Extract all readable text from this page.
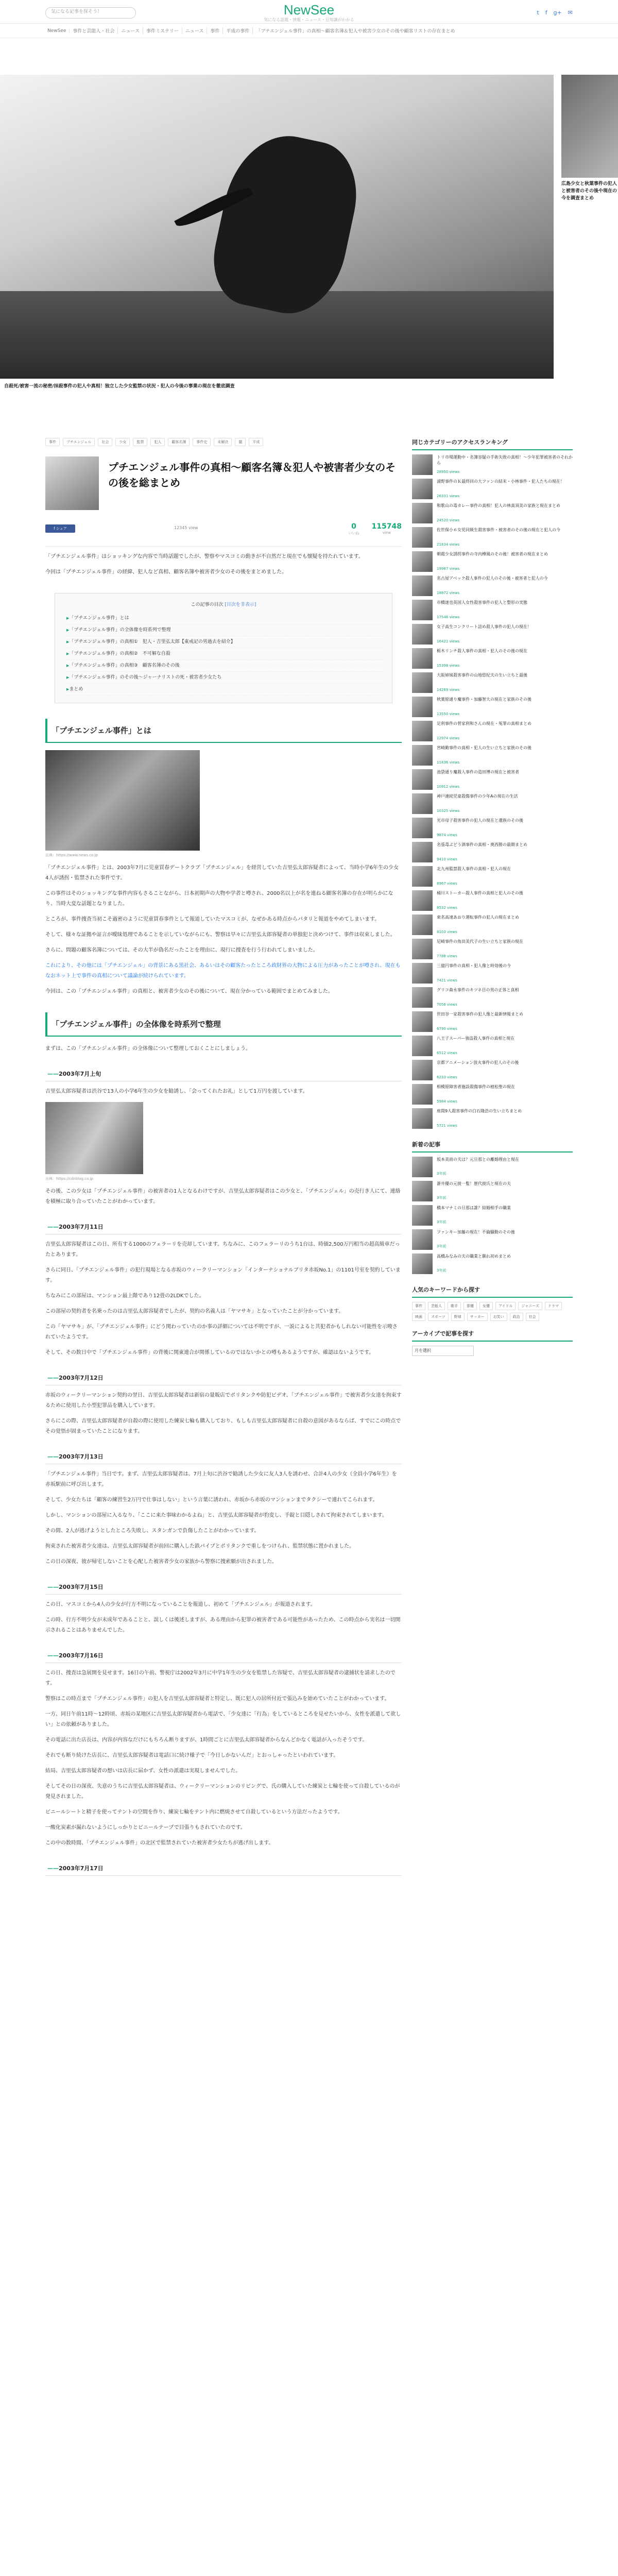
気になる記事を探そう！	NewSee
気になる話題・情報・ニュース・豆知識がわかる
t f g+ ✉
NewSee	事件と芸能人・社会	ニュース	事件ミステリー	ニュース	事件	平成の事件	「ブチエンジェル事件」の真相〜顧客名簿＆犯人や被害少女のその後や顧客リストの存在まとめ
広島少女と秋葉事件の犯人と被害者のその後や現在の今を調査まとめ
自殺死/被害一流の秘密/抹殺事件の犯人や真相！独立した少女監禁の状況・犯人の今後の事業の現在を徹底調査
事件	ブチエンジェル	社会	少女	監禁	犯人	顧客名簿	事件史	未解決	闇	平成
プチエンジェル事件の真相〜顧客名簿＆犯人や被害者少女のその後を総まとめ
f シェア	12345 view	0
いいね
115748
view

「プチエンジェル事件」はショッキングな内容で当時話題でしたが、警察やマスコミの動きが不自然だと現在でも懐疑を持たれています。

今回は「プチエンジェル事件」の経緯、犯人など真相、顧客名簿や被害者少女のその後をまとめました。

この記事の目次 [目次を非表示]
▶ 「プチエンジェル事件」とは
▶ 「プチエンジェル事件」の全体像を時系列で整理
▶ 「プチエンジェル事件」の真相①　犯人・吉里弘太郎【東戒記の男過去を紹介】
▶ 「プチエンジェル事件」の真相②　不可解な自殺
▶ 「プチエンジェル事件」の真相③　顧客名簿のその後
▶ 「プチエンジェル事件」のその後〜ジャーナリストの死・被害者少女たち
▶ まとめ
「プチエンジェル事件」とは
出典：https://www.news.co.jp

「プチエンジェル事件」とは、2003年7月に児童買春デートクラブ「プチエンジェル」を経営していた吉里弘太郎容疑者によって、当時小学6年生の少女4人が誘拐・監禁された事件です。

この事件はそのショッキングな事件内容もさることながら、日本初期声の大物や学者と噂され、2000名以上が名を連ねる顧客名簿の存在が明らかになり、当時大変な話題となりました。

ところが、事件捜査当初こそ過密のように児童買春事件として報道していたマスコミが、なぜかある時点からパタリと報道をやめてしまいます。

そして、様々な証拠や証言が曖昧処理であることを示していながらにも、警察は早々に吉里弘太郎容疑者の単独犯と決めつけて、事件は収束しました。

さらに、問題の顧客名簿については、その大半が偽名だったことを理由に、現行に捜査を行う行われてしまいました。

これにより、その他には「プチエンジェル」の背景にある黒社会、あるいはその顧客たったところ政財界の大物による圧力があったことが噂され、現在もなおネット上で事件の真相について議論が続けられています。

今回は、この「プチエンジェル事件」の真相と、被害者少女のその後について、現在分かっている範囲でまとめてみました。

「プチエンジェル事件」の全体像を時系列で整理

まずは、この「プチエンジェル事件」の全体像について整理しておくことにしましょう。

—— 2003年7月上旬

吉里弘太郎容疑者は渋谷で13人の小学6年生の少女を勧誘し、「会ってくれたお礼」として1万円を渡しています。

出典：https://cdnblog.co.jp

その後、この少女は「プチエンジェル事件」の被害者の1人となるわけですが、吉里弘太郎容疑者はこの少女と、「プチエンジェル」の売行き人にて、連絡を積極に取り合っていたことがわかっています。

—— 2003年7月11日

吉里弘太郎容疑者はこの日、所有する1000のフェラーリを売却しています。ちなみに、このフェラーリのうち1台は、時価2,500万円相当の超高級車だったとあります。

さらに同日、「プチエンジェル事件」の犯行現場となる赤坂のウィークリーマンション「インターナショナルブリタ赤坂No.1」の1101号室を契約しています。

ちなみにこの部屋は、マンション最上階であり12畳の2LDKでした。

この部屋の契約者を名乗ったのは吉里弘太郎容疑者でしたが、契約の名義人は「ヤマサキ」となっていたことが分かっています。

この「ヤマサキ」が、「プチエンジェル事件」にどう関わっていたのか事の詳細については不明ですが、一説によると共犯者かもしれない可能性を示唆されていたようです。

そして、その数日中で「プチエンジェル事件」の背後に関東連合が関係しているのではないかとの噂もあるようですが、確認はないようです。

—— 2003年7月12日

赤坂のウィークリーマンション契約の翌日、吉里弘太郎容疑者は新宿の量販店でポリタンクや防犯ビデオ、「プチエンジェル事件」で被害者少女達を拘束するために使用した小型犯罪品を購入しています。

さらにこの際、吉里弘太郎容疑者が自殺の際に使用した練炭七輪も購入しており、もしも吉里弘太郎容疑者に自殺の意図があるならば、すでにこの時点でその覚悟が固まっていたことになります。

—— 2003年7月13日

「プチエンジェル事件」当日です。まず、吉里弘太郎容疑者は、7月上旬に渋谷で勧誘した少女に友人3人を誘わせ、合計4人の少女（全員小学6年生）を赤坂駅前に呼び出します。

そして、少女たちは「顧客の練習生2万円で仕事はしない」という言葉に誘われ、赤坂から赤坂のマンションまでタクシーで連れてこられます。

しかし、マンションの部屋に入るなり、「ここに来た事味わかるよね」と、吉里弘太郎容疑者が豹変し、手錠と目隠しされて拘束されてしまいます。

その間、2人が逃げようとしたところ失敗し、スタンガンで負傷したことがわかっています。

拘束された被害者少女達は、吉里弘太郎容疑者が前回に購入した鉄パイプとポリタンクで重しをつけられ、監禁状態に置かれました。

この日の深夜、彼が帰宅しないことを心配した被害者少女の家族から警察に捜索願が出されました。

—— 2003年7月15日

この日、マスコミから4人の少女が行方不明になっていることを報道し、初めて「プチエンジェル」が報道されます。

この時、行方不明少女が未成年であることと、誤しくは後述しますが、ある理由から犯罪の被害者である可能性があったため、この時点から実名は一切開示されることはありませんでした。

—— 2003年7月16日

この日、捜査は急展開を見せます。16日の午前、警視庁は2002年3月に中学1年生の少女を監禁した容疑で、吉里弘太郎容疑者の逮捕状を請求したのです。

警察はこの時点まで「プチエンジェル事件」の犯人を吉里弘太郎容疑者と特定し、既に犯人の居所付近で張込みを始めていたことがわかっています。

一方、同日午前11時〜12時頃、赤坂の某地区に吉里弘太郎容疑者から電話で、「少女達に「行為」をしているところを見せたいから、女性を派遣して欲しい」との依頼がありました。

その電話に出た店長は、内容が内容なだけにもちろん断りますが、1時間ごとに吉里弘太郎容疑者からなんどかなく電話が入ったそうです。

それでも断り続けた店長に、吉里弘太郎容疑者は電話口に続け様子で「今日しかないんだ」とおっしゃったといわれています。

結局、吉里弘太郎容疑者の想いは店長に届かず、女性の派遣は実現しませんでした。

そしてその日の深夜、失意のうちに吉里弘太郎容疑者は、ウィークリーマンションのリビングで、氏の購入していた練炭と七輪を使って自殺しているのが発見されました。

ビニールシートと精子を使ってテントの空間を作り、練炭七輪をテント内に燃焼させて自殺しているという方法だったようです。

一酸化炭素が漏れないようにしっかりとビニールテープで目張りもされていたのです。

この中の数時間、「プチエンジェル事件」の北区で監禁されていた被害者少女たちが逃げ出します。

—— 2003年7月17日
同じカテゴリーのアクセスランキング
トリ市場運動中・名簿容疑の手術失敗の真相！〜少年犯罪被害者のそれから
28950 views
浦野事件のＫ最終回の大ファンの結末・小林事件・犯人たちの現在！
26331 views
和歌山の毒カレー事件の真相！犯人の林真須美の家族と現在まとめ
24520 views
佐世保小６女児同級生殺害事件・被害者のその後の現在と犯人の今
21834 views
朝霞少女誘拐事件の寺内樺風のその後！被害者の現在まとめ
19987 views
名古屋アベック殺人事件の犯人のその後・被害者と犯人の今
18872 views
市橋達也英国人女性殺害事件の犯人と整形の実態
17546 views
女子高生コンクリート詰め殺人事件の犯人の現在！
16421 views
栃木リンチ殺人事件の真相・犯人のその後の現在
15398 views
大阪姉妹殺害事件の山地悠紀夫の生い立ちと最後
14269 views
秋葉原通り魔事件・加藤智大の現在と家族のその後
13550 views
足利事件の菅家利和さんの現在・冤罪の真相まとめ
12974 views
宮崎勤事件の真相・犯人の生い立ちと家族のその後
11836 views
池袋通り魔殺人事件の造田博の現在と被害者
10912 views
神戸連続児童殺傷事件の少年Aの現在の生活
10325 views
光市母子殺害事件の犯人の現在と遺族のその後
9874 views
名張毒ぶどう酒事件の真相・奥西勝の最期まとめ
9410 views
北九州監禁殺人事件の真相・犯人の現在
8967 views
桶川ストーカー殺人事件の真相と犯人のその後
8532 views
東名高速あおり運転事件の犯人の現在まとめ
8103 views
尼崎事件の角田美代子の生い立ちと家族の現在
7788 views
三億円事件の真相・犯人像と時効後の今
7421 views
グリコ森永事件のキツネ目の男の正体と真相
7056 views
世田谷一家殺害事件の犯人像と最新情報まとめ
6790 views
八王子スーパー強盗殺人事件の真相と現在
6512 views
京都アニメーション放火事件の犯人のその後
6233 views
相模原障害者施設殺傷事件の植松聖の現在
5984 views
座間9人殺害事件の白石隆浩の生い立ちまとめ
5721 views
新着の記事
坂本美雨の夫は？元旦那との離婚理由と現在
3年前
蒼井優の元彼一覧！歴代彼氏と現在の夫
3年前
橋本マナミの旦那は誰？結婚相手の職業
3年前
ファンキー加藤の現在！不倫騒動のその後
3年前
高橋みなみの夫の職業と馴れ初めまとめ
3年前
人気のキーワードから探す
事件	芸能人	歌手	俳優	女優	アイドル	ジャニーズ	ドラマ
映画	スポーツ	野球	サッカー	お笑い	政治	社会
アーカイブで記事を探す
月を選択
